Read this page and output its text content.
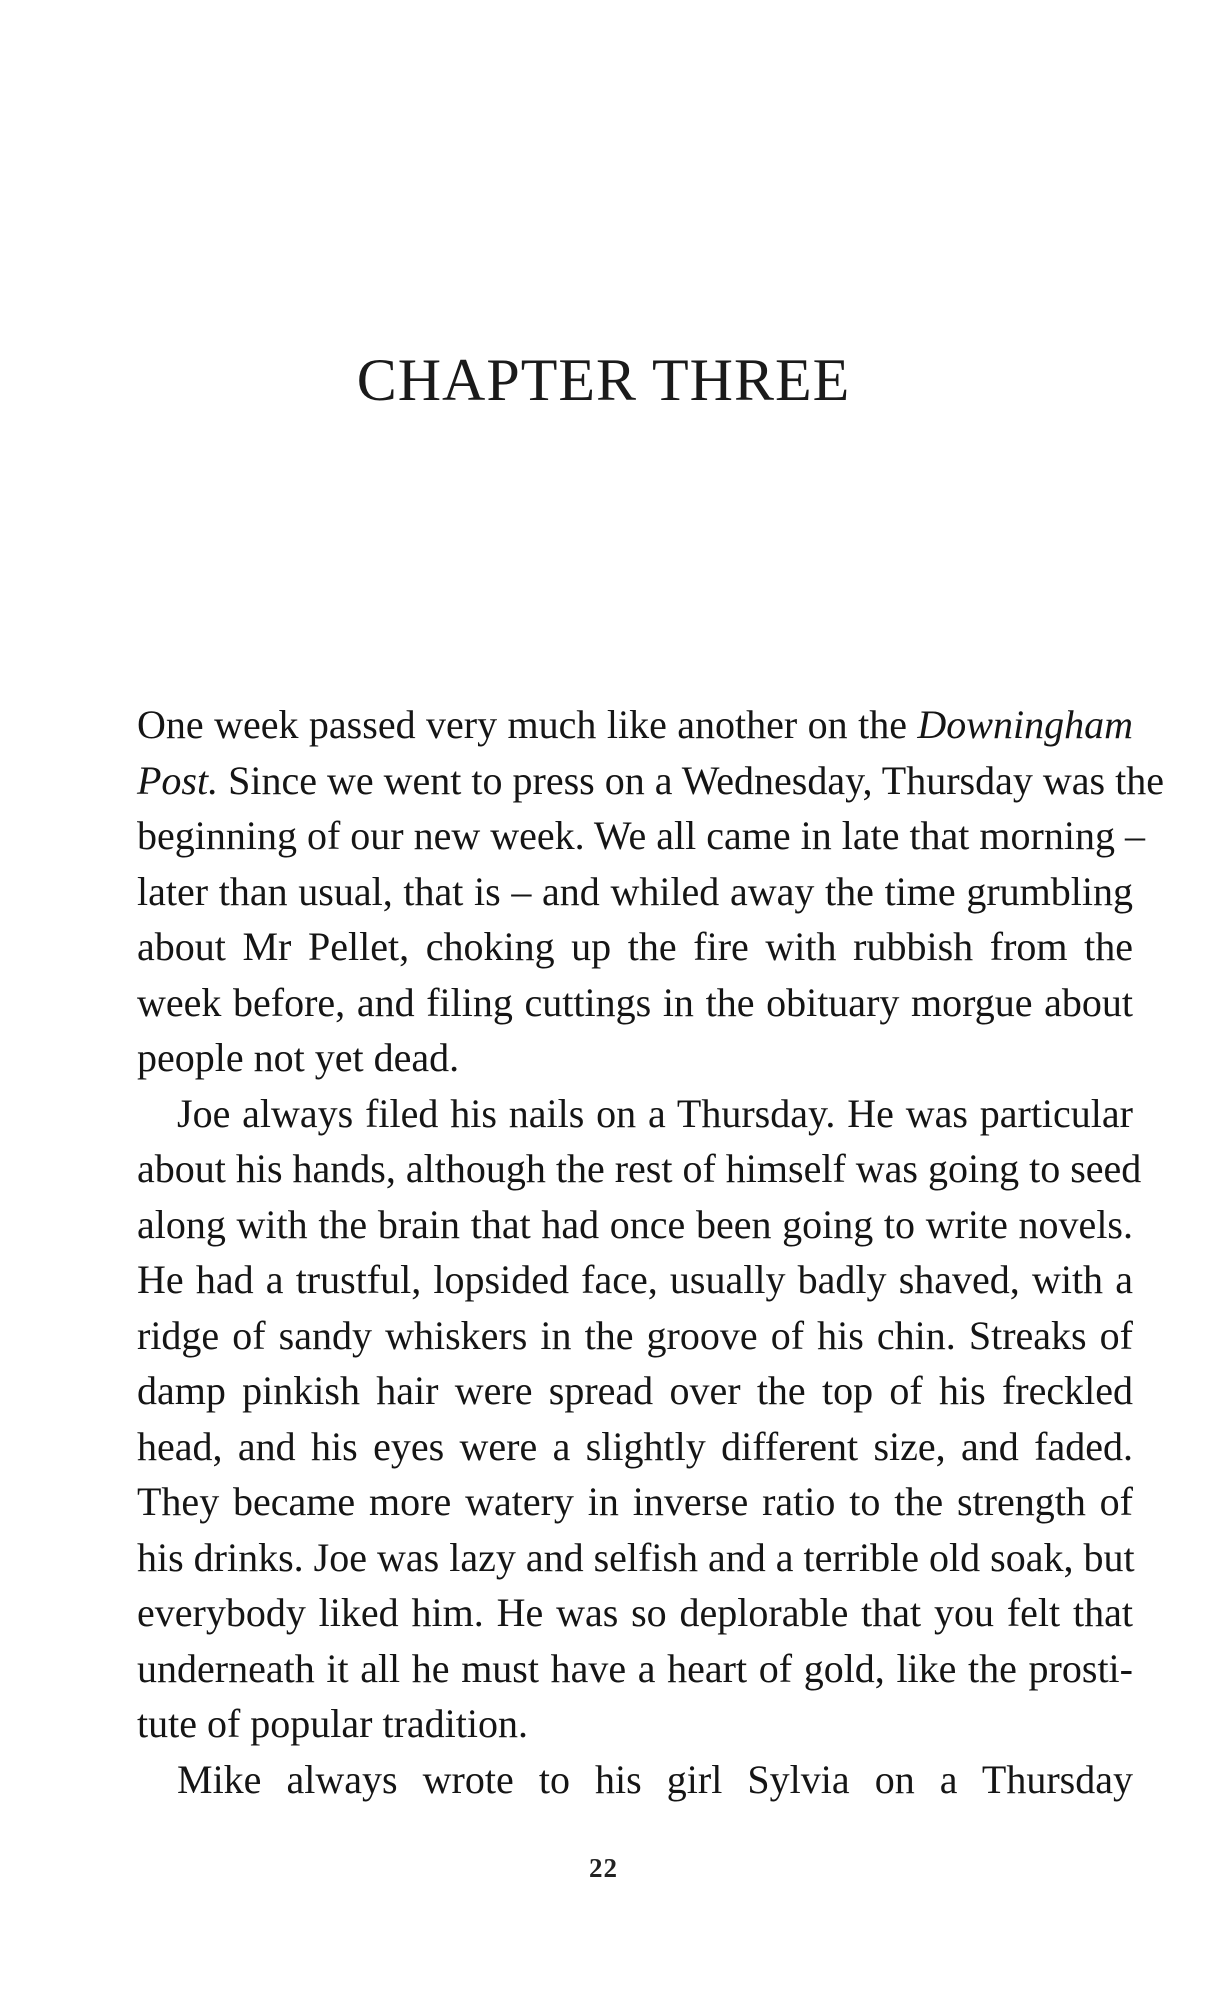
CHAPTER THREE
One week passed very much like another on the Downingham
Post. Since we went to press on a Wednesday, Thursday was the
beginning of our new week. We all came in late that morning –
later than usual, that is – and whiled away the time grumbling
about Mr Pellet, choking up the fire with rubbish from the
week before, and filing cuttings in the obituary morgue about
people not yet dead.
Joe always filed his nails on a Thursday. He was particular
about his hands, although the rest of himself was going to seed
along with the brain that had once been going to write novels.
He had a trustful, lopsided face, usually badly shaved, with a
ridge of sandy whiskers in the groove of his chin. Streaks of
damp pinkish hair were spread over the top of his freckled
head, and his eyes were a slightly different size, and faded.
They became more watery in inverse ratio to the strength of
his drinks. Joe was lazy and selfish and a terrible old soak, but
everybody liked him. He was so deplorable that you felt that
underneath it all he must have a heart of gold, like the prosti-
tute of popular tradition.
Mike always wrote to his girl Sylvia on a Thursday
22
